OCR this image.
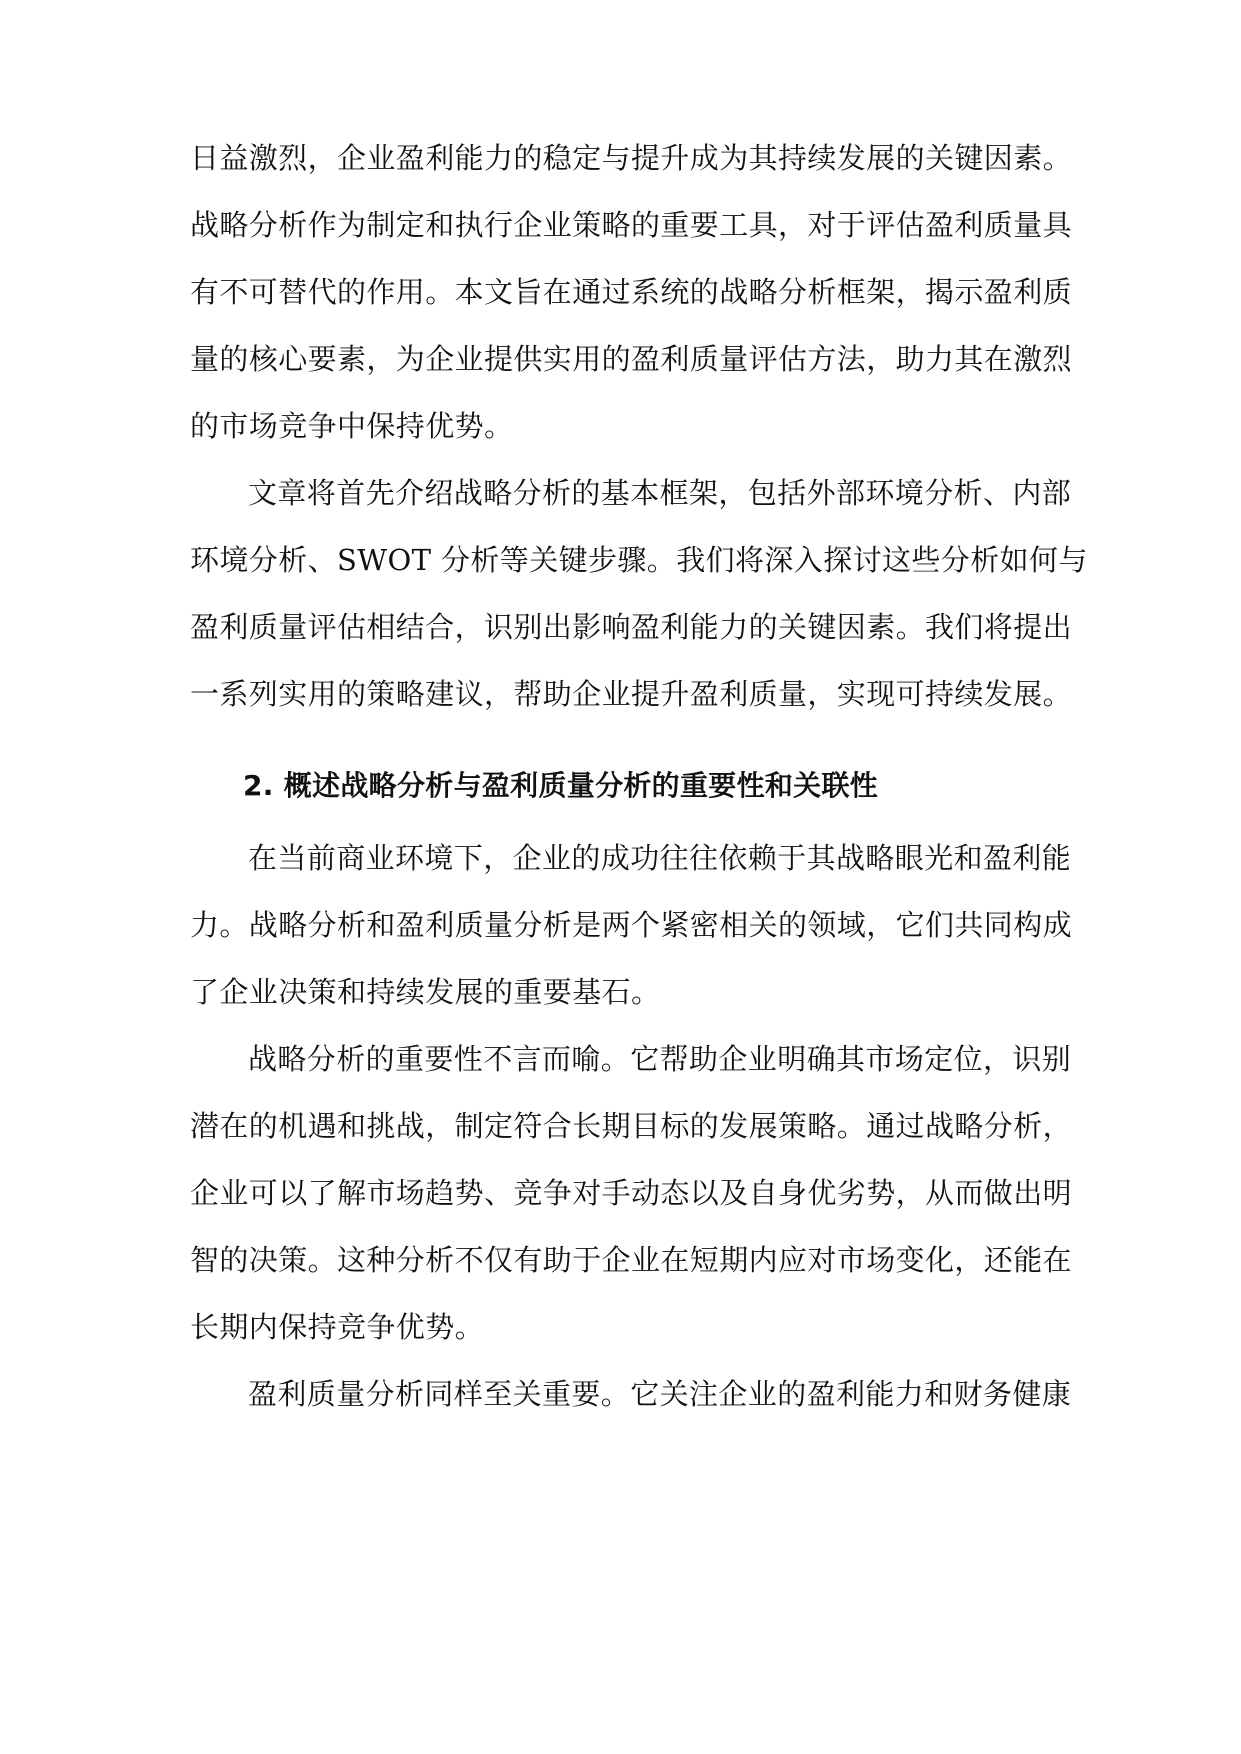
日益激烈，企业盈利能力的稳定与提升成为其持续发展的关键因素。
战略分析作为制定和执行企业策略的重要工具，对于评估盈利质量具
有不可替代的作用。本文旨在通过系统的战略分析框架，揭示盈利质
量的核心要素，为企业提供实用的盈利质量评估方法，助力其在激烈
的市场竞争中保持优势。
文章将首先介绍战略分析的基本框架，包括外部环境分析、内部
环境分析、SWOT 分析等关键步骤。我们将深入探讨这些分析如何与
盈利质量评估相结合，识别出影响盈利能力的关键因素。我们将提出
一系列实用的策略建议，帮助企业提升盈利质量，实现可持续发展。
2. 概述战略分析与盈利质量分析的重要性和关联性
在当前商业环境下，企业的成功往往依赖于其战略眼光和盈利能
力。战略分析和盈利质量分析是两个紧密相关的领域，它们共同构成
了企业决策和持续发展的重要基石。
战略分析的重要性不言而喻。它帮助企业明确其市场定位，识别
潜在的机遇和挑战，制定符合长期目标的发展策略。通过战略分析，
企业可以了解市场趋势、竞争对手动态以及自身优劣势，从而做出明
智的决策。这种分析不仅有助于企业在短期内应对市场变化，还能在
长期内保持竞争优势。
盈利质量分析同样至关重要。它关注企业的盈利能力和财务健康
